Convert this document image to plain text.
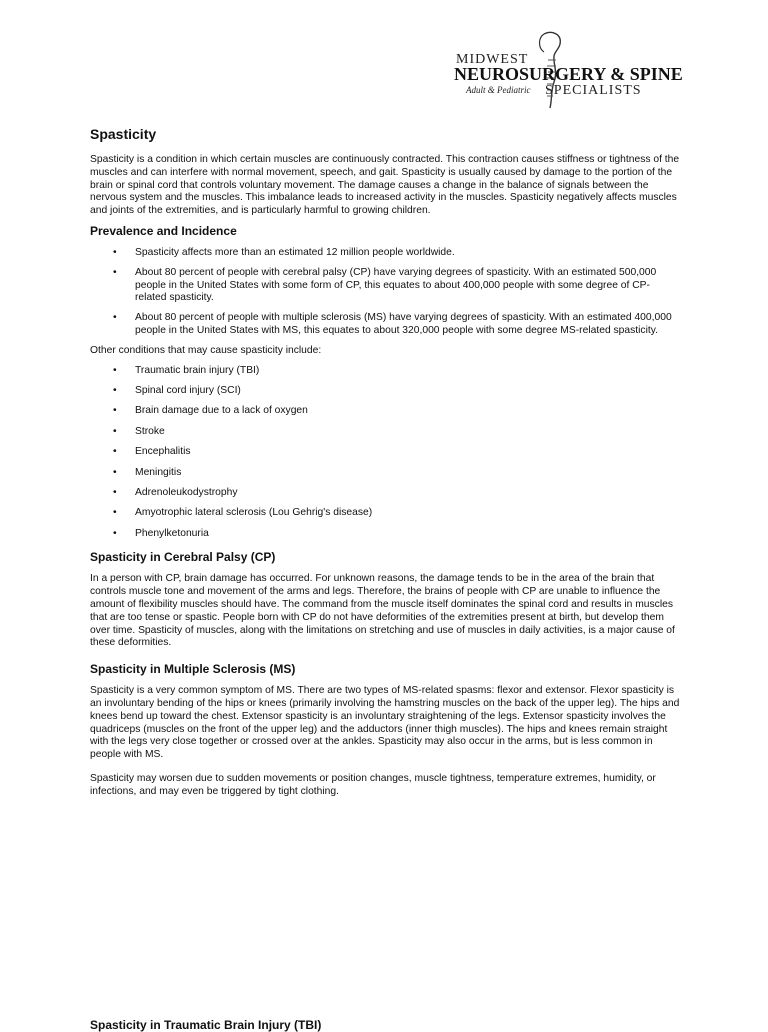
MIDWEST
NEUROSURGERY & SPINE
Adult & Pediatric SPECIALISTS
Spasticity

Spasticity is a condition in which certain muscles are continuously contracted. This contraction causes stiffness or tightness of the muscles and can interfere with normal movement, speech, and gait. Spasticity is usually caused by damage to the portion of the brain or spinal cord that controls voluntary movement. The damage causes a change in the balance of signals between the nervous system and the muscles. This imbalance leads to increased activity in the muscles. Spasticity negatively affects muscles and joints of the extremities, and is particularly harmful to growing children.

Prevalence and Incidence
• Spasticity affects more than an estimated 12 million people worldwide.
• About 80 percent of people with cerebral palsy (CP) have varying degrees of spasticity. With an estimated 500,000 people in the United States with some form of CP, this equates to about 400,000 people with some degree of CP-related spasticity.
• About 80 percent of people with multiple sclerosis (MS) have varying degrees of spasticity. With an estimated 400,000 people in the United States with MS, this equates to about 320,000 people with some degree MS-related spasticity.

Other conditions that may cause spasticity include:

• Traumatic brain injury (TBI)
• Spinal cord injury (SCI)
• Brain damage due to a lack of oxygen
• Stroke
• Encephalitis
• Meningitis
• Adrenoleukodystrophy
• Amyotrophic lateral sclerosis (Lou Gehrig's disease)
• Phenylketonuria
Spasticity in Cerebral Palsy (CP)

In a person with CP, brain damage has occurred. For unknown reasons, the damage tends to be in the area of the brain that controls muscle tone and movement of the arms and legs. Therefore, the brains of people with CP are unable to influence the amount of flexibility muscles should have. The command from the muscle itself dominates the spinal cord and results in muscles that are too tense or spastic. People born with CP do not have deformities of the extremities present at birth, but develop them over time. Spasticity of muscles, along with the limitations on stretching and use of muscles in daily activities, is a major cause of these deformities.

Spasticity in Multiple Sclerosis (MS)

Spasticity is a very common symptom of MS. There are two types of MS-related spasms: flexor and extensor. Flexor spasticity is an involuntary bending of the hips or knees (primarily involving the hamstring muscles on the back of the upper leg). The hips and knees bend up toward the chest. Extensor spasticity is an involuntary straightening of the legs. Extensor spasticity involves the quadriceps (muscles on the front of the upper leg) and the adductors (inner thigh muscles). The hips and knees remain straight with the legs very close together or crossed over at the ankles. Spasticity may also occur in the arms, but is less common in people with MS.

Spasticity may worsen due to sudden movements or position changes, muscle tightness, temperature extremes, humidity, or infections, and may even be triggered by tight clothing.

Spasticity in Traumatic Brain Injury (TBI)
